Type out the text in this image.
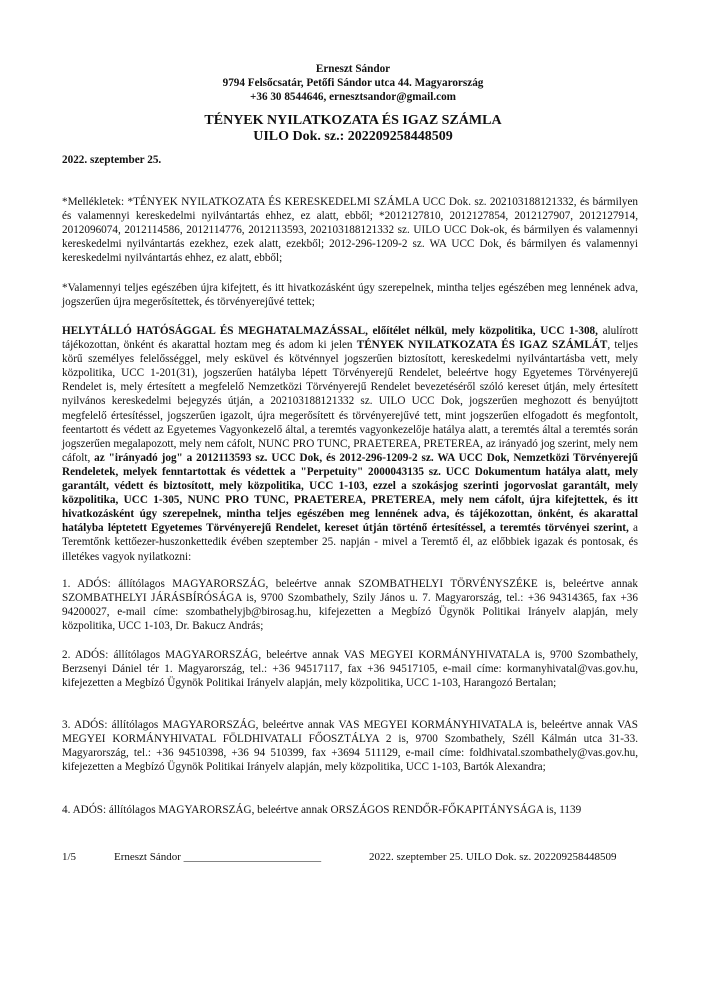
Erneszt Sándor
9794 Felsőcsatár, Petőfi Sándor utca 44. Magyarország
+36 30 8544646, ernesztsandor@gmail.com
TÉNYEK NYILATKOZATA ÉS IGAZ SZÁMLA
UILO Dok. sz.: 202209258448509
2022. szeptember 25.
*Mellékletek: *TÉNYEK NYILATKOZATA ÉS KERESKEDELMI SZÁMLA UCC Dok. sz. 202103188121332, és bármilyen és valamennyi kereskedelmi nyilvántartás ehhez, ez alatt, ebből; *2012127810, 2012127854, 2012127907, 2012127914, 2012096074, 2012114586, 2012114776, 2012113593, 202103188121332 sz. UILO UCC Dok-ok, és bármilyen és valamennyi kereskedelmi nyilvántartás ezekhez, ezek alatt, ezekből; 2012-296-1209-2 sz. WA UCC Dok, és bármilyen és valamennyi kereskedelmi nyilvántartás ehhez, ez alatt, ebből;
*Valamennyi teljes egészében újra kifejtett, és itt hivatkozásként úgy szerepelnek, mintha teljes egészében meg lennének adva, jogszerűen újra megerősítettek, és törvényerejűvé tettek;
HELYTÁLLÓ HATÓSÁGGAL ÉS MEGHATALMAZÁSSAL, előítélet nélkül, mely közpolitika, UCC 1-308, alulírott tájékozottan, önként és akarattal hoztam meg és adom ki jelen TÉNYEK NYILATKOZATA ÉS IGAZ SZÁMLÁT, teljes körű személyes felelősséggel, mely esküvel és kötvénnyel jogszerűen biztosított, kereskedelmi nyilvántartásba vett, mely közpolitika, UCC 1-201(31), jogszerűen hatályba lépett Törvényerejű Rendelet, beleértve hogy Egyetemes Törvényerejű Rendelet is, mely értesített a megfelelő Nemzetközi Törvényerejű Rendelet bevezetéséről szóló kereset útján, mely értesített nyilvános kereskedelmi bejegyzés útján, a 202103188121332 sz. UILO UCC Dok, jogszerűen meghozott és benyújtott megfelelő értesítéssel, jogszerűen igazolt, újra megerősített és törvényerejűvé tett, mint jogszerűen elfogadott és megfontolt, feentartott és védett az Egyetemes Vagyonkezelő által, a teremtés vagyonkezelője hatálya alatt, a teremtés által a teremtés során jogszerűen megalapozott, mely nem cáfolt, NUNC PRO TUNC, PRAETEREA, PRETEREA, az irányadó jog szerint, mely nem cáfolt, az "irányadó jog" a 2012113593 sz. UCC Dok, és 2012-296-1209-2 sz. WA UCC Dok, Nemzetközi Törvényerejű Rendeletek, melyek fenntartottak és védettek a "Perpetuity" 2000043135 sz. UCC Dokumentum hatálya alatt, mely garantált, védett és biztosított, mely közpolitika, UCC 1-103, ezzel a szokásjog szerinti jogorvoslat garantált, mely közpolitika, UCC 1-305, NUNC PRO TUNC, PRAETEREA, PRETEREA, mely nem cáfolt, újra kifejtettek, és itt hivatkozásként úgy szerepelnek, mintha teljes egészében meg lennének adva, és tájékozottan, önként, és akarattal hatályba léptetett Egyetemes Törvényerejű Rendelet, kereset útján történő értesítéssel, a teremtés törvényei szerint, a Teremtőnk kettőezer-huszonkettedik évében szeptember 25. napján - mivel a Teremtő él, az előbbiek igazak és pontosak, és illetékes vagyok nyilatkozni:
1. ADÓS: állítólagos MAGYARORSZÁG, beleértve annak SZOMBATHELYI TÖRVÉNYSZÉKE is, beleértve annak SZOMBATHELYI JÁRÁSBÍRÓSÁGA is, 9700 Szombathely, Szily János u. 7. Magyarország, tel.: +36 94314365, fax +36 94200027, e-mail címe: szombathelyjb@birosag.hu, kifejezetten a Megbízó Ügynök Politikai Irányelv alapján, mely közpolitika, UCC 1-103, Dr. Bakucz András;
2. ADÓS: állítólagos MAGYARORSZÁG, beleértve annak VAS MEGYEI KORMÁNYHIVATALA is, 9700 Szombathely, Berzsenyi Dániel tér 1. Magyarország, tel.: +36 94517117, fax +36 94517105, e-mail címe: kormanyhivatal@vas.gov.hu, kifejezetten a Megbízó Ügynök Politikai Irányelv alapján, mely közpolitika, UCC 1-103, Harangozó Bertalan;
3. ADÓS: állítólagos MAGYARORSZÁG, beleértve annak VAS MEGYEI KORMÁNYHIVATALA is, beleértve annak VAS MEGYEI KORMÁNYHIVATAL FÖLDHIVATALI FŐOSZTÁLYA 2 is, 9700 Szombathely, Széll Kálmán utca 31-33. Magyarország, tel.: +36 94510398, +36 94 510399, fax +3694 511129, e-mail címe: foldhivatal.szombathely@vas.gov.hu, kifejezetten a Megbízó Ügynök Politikai Irányelv alapján, mely közpolitika, UCC 1-103, Bartók Alexandra;
4. ADÓS: állítólagos MAGYARORSZÁG, beleértve annak ORSZÁGOS RENDŐR-FŐKAPITÁNYSÁGA is, 1139
1/5	Erneszt Sándor _________________________	2022. szeptember 25. UILO Dok. sz. 202209258448509
